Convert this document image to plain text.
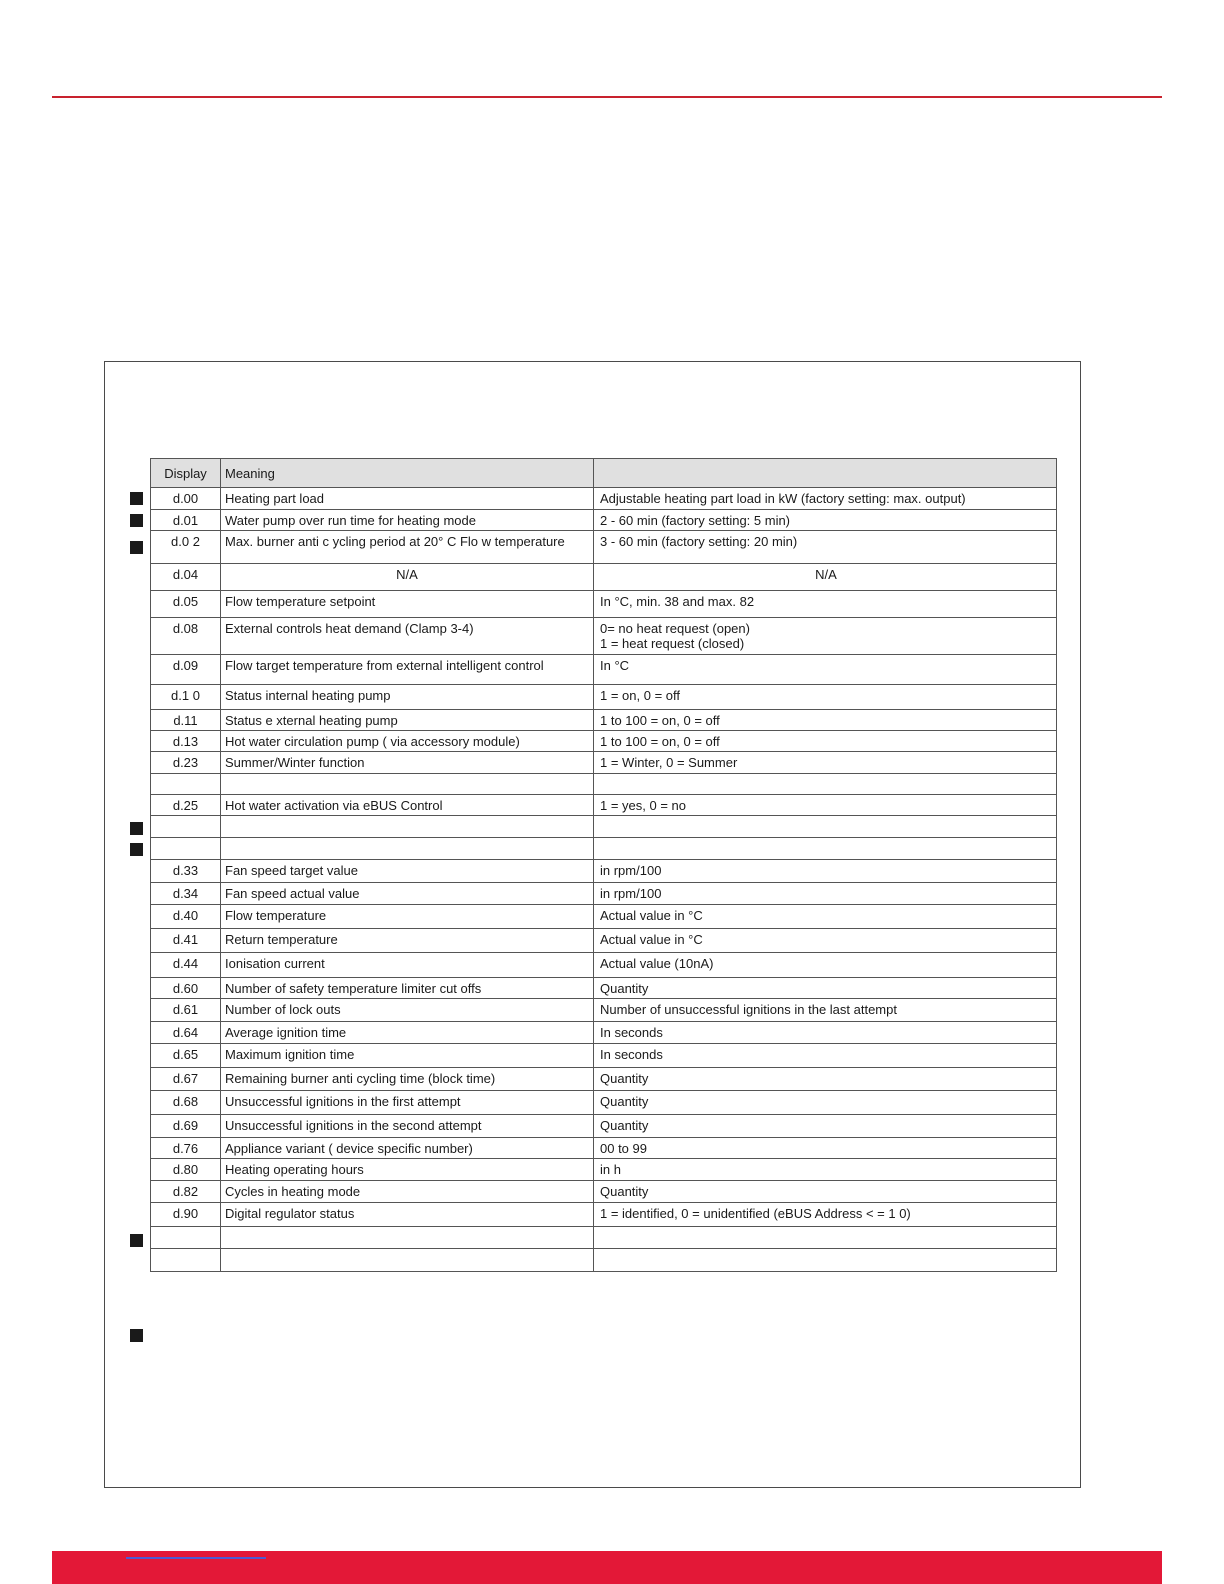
Display	Meaning	
d.00	Heating part load	Adjustable heating part load in kW (factory setting: max. output)

d.01	Water pump over run time for heating mode	2 - 60 min (factory setting: 5 min)

d.0 2	Max. burner anti c ycling period at 20° C Flo w temperature	3 - 60 min (factory setting: 20 min)

d.04	N/A	N/A

d.05	Flow temperature setpoint	In °C, min. 38 and max. 82

d.08	External controls heat demand (Clamp 3-4)	0= no heat request (open)
1 = heat request (closed)

d.09	Flow target temperature from external intelligent control	In °C

d.1 0	Status internal heating pump	1 = on, 0 = off

d.11	Status e xternal heating pump	1 to 100 = on, 0 = off

d.13	Hot water circulation pump ( via accessory module)	1 to 100 = on, 0 = off

d.23	Summer/Winter function	1 = Winter, 0 = Summer

d.25	Hot water activation via eBUS Control	1 = yes, 0 = no

d.33	Fan speed target value	in rpm/100

d.34	Fan speed actual value	in rpm/100

d.40	Flow temperature	Actual value in °C

d.41	Return temperature	Actual value in °C

d.44	Ionisation current	Actual value (10nA)

d.60	Number of safety temperature limiter cut offs	Quantity

d.61	Number of lock outs	Number of unsuccessful ignitions in the last attempt

d.64	Average ignition time	In seconds

d.65	Maximum ignition time	In seconds

d.67	Remaining burner anti cycling time (block time)	Quantity

d.68	Unsuccessful ignitions in the first attempt	Quantity

d.69	Unsuccessful ignitions in the second attempt	Quantity

d.76	Appliance variant ( device specific number)	00 to 99

d.80	Heating operating hours	in h

d.82	Cycles in heating mode	Quantity

d.90	Digital regulator status	1 = identified, 0 = unidentified (eBUS Address < = 1 0)
